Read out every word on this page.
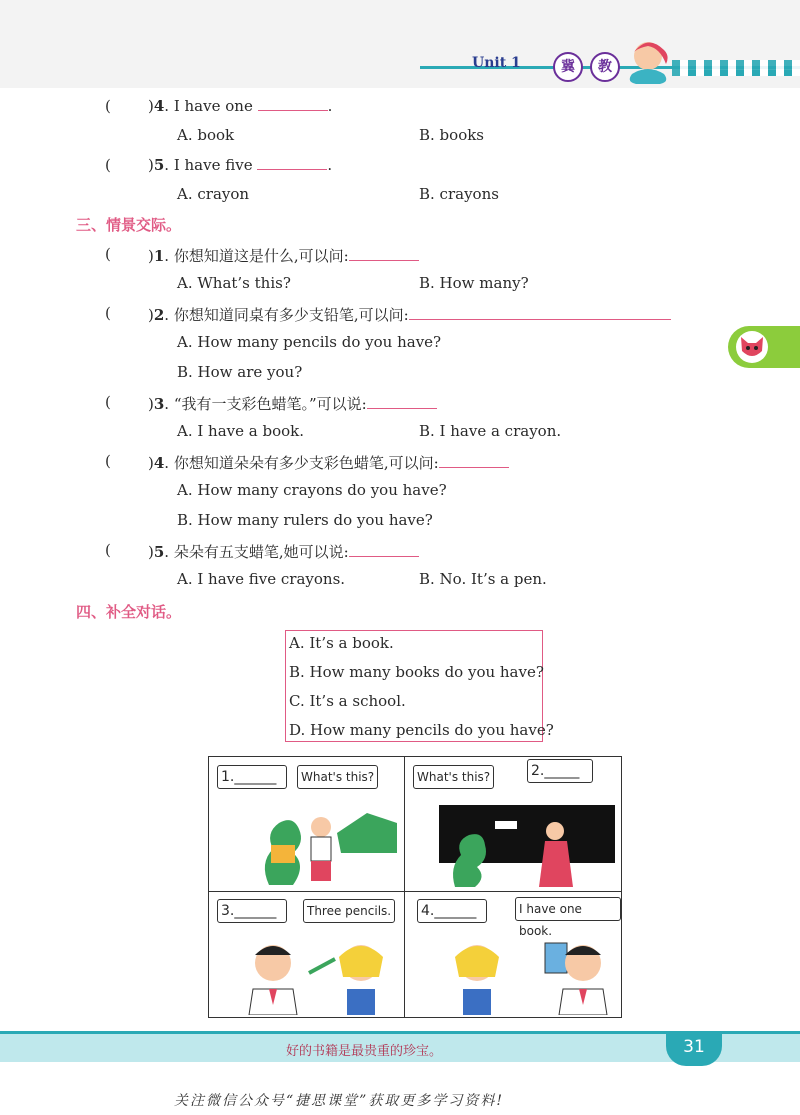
Unit 1	冀	教
( )4. I have one	.
A. book	B. books
( )5. I have five	.
A. crayon	B. crayons
三、情景交际。
( )1. 你想知道这是什么,可以问:
A. What’s this?	B. How many?
( )2. 你想知道同桌有多少支铅笔,可以问:
A. How many pencils do you have?
B. How are you?
( )3. “我有一支彩色蜡笔。”可以说:
A. I have a book.	B. I have a crayon.
( )4. 你想知道朵朵有多少支彩色蜡笔,可以问:
A. How many crayons do you have?
B. How many rulers do you have?
( )5. 朵朵有五支蜡笔,她可以说:
A. I have five crayons.	B. No. It’s a pen.
四、补全对话。
A. It’s a book.
B. How many books do you have?
C. It’s a school.
D. How many pencils do you have?
1.______	What's this?	What's this?	2._____
3.______	Three pencils. 4.______	I have one book.
好的书籍是最贵重的珍宝。	31
关注微信公众号“捷思课堂”获取更多学习资料!
